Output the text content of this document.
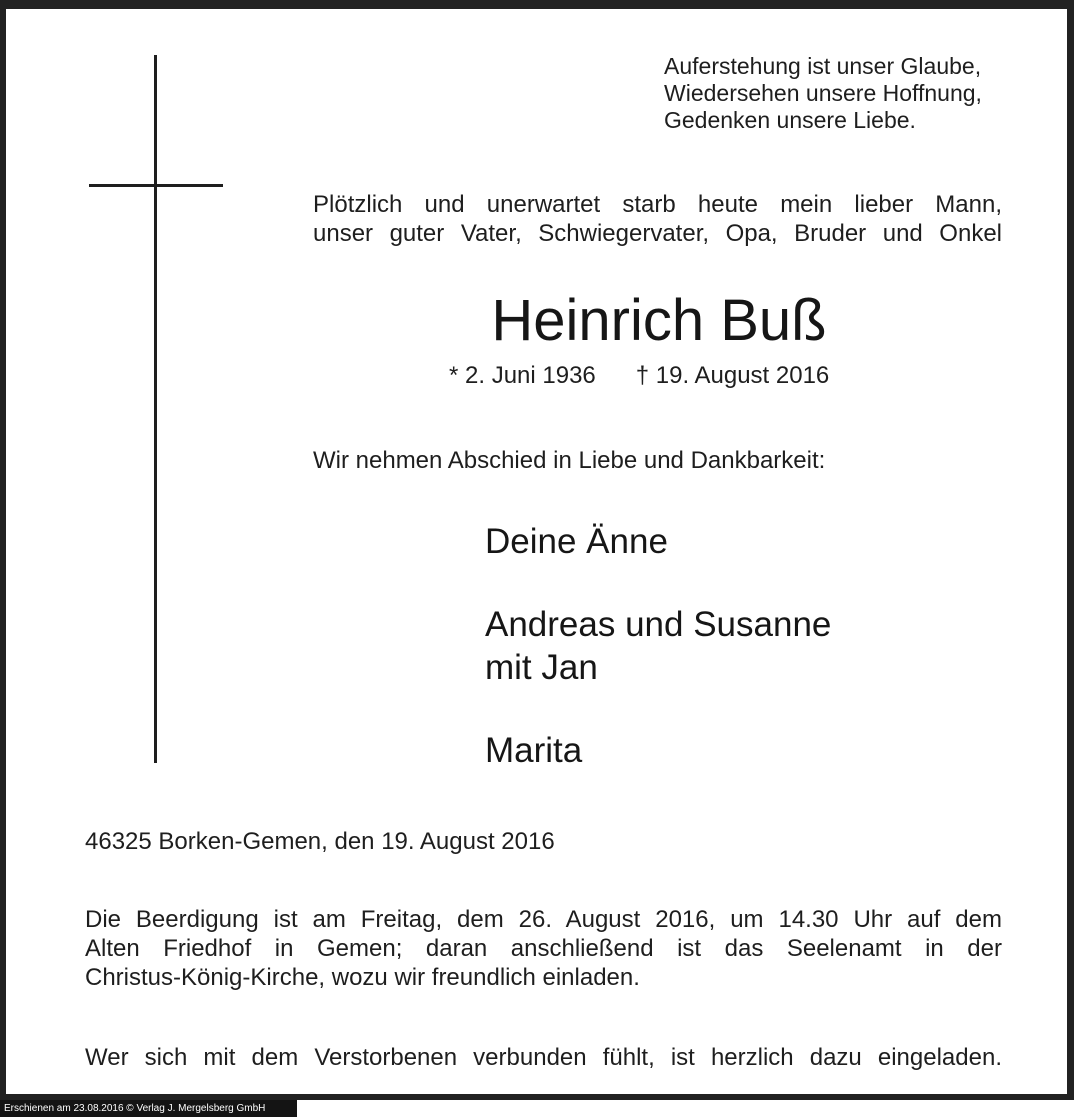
Auferstehung ist unser Glaube,
Wiedersehen unsere Hoffnung,
Gedenken unsere Liebe.
Plötzlich und unerwartet starb heute mein lieber Mann,
unser guter Vater, Schwiegervater, Opa, Bruder und Onkel
Heinrich Buß
* 2. Juni 1936 † 19. August 2016
Wir nehmen Abschied in Liebe und Dankbarkeit:
Deine Änne
Andreas und Susanne
mit Jan
Marita
46325 Borken-Gemen, den 19. August 2016
Die Beerdigung ist am Freitag, dem 26. August 2016, um 14.30 Uhr auf dem
Alten Friedhof in Gemen; daran anschließend ist das Seelenamt in der
Christus-König-Kirche, wozu wir freundlich einladen.
Wer sich mit dem Verstorbenen verbunden fühlt, ist herzlich dazu eingeladen.
Erschienen am 23.08.2016 © Verlag J. Mergelsberg GmbH
